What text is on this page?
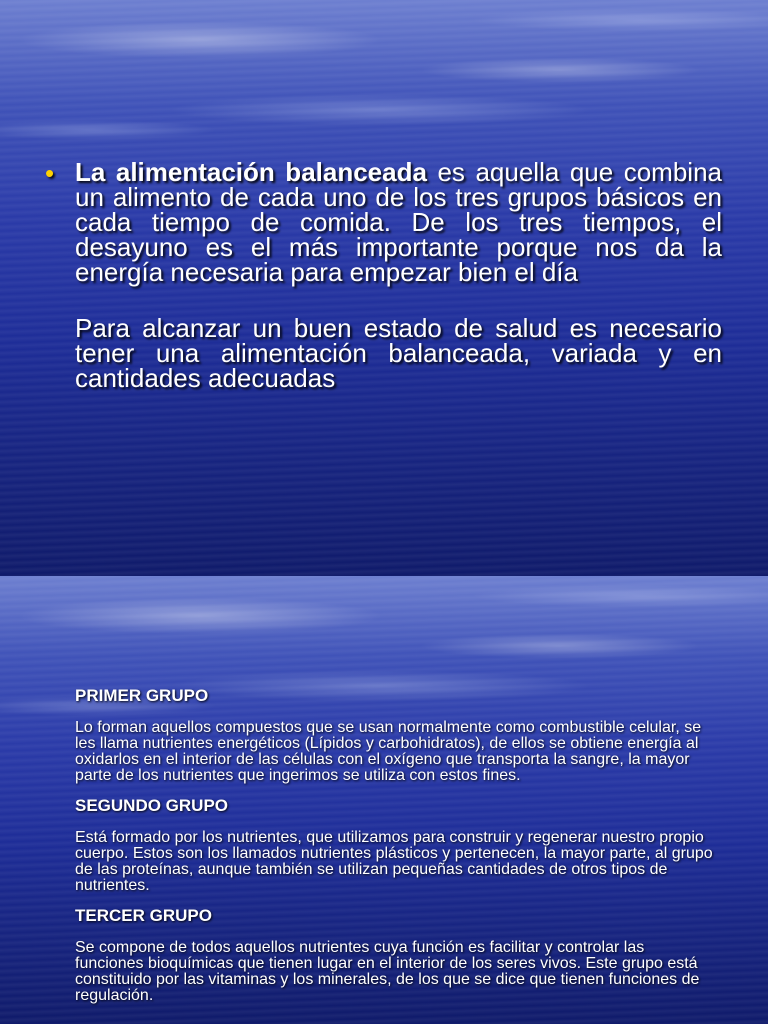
• La alimentación balanceada es aquella que combina un alimento de cada uno de los tres grupos básicos en cada tiempo de comida. De los tres tiempos, el desayuno es el más importante porque nos da la energía necesaria para empezar bien el día

Para alcanzar un buen estado de salud es necesario tener una alimentación balanceada, variada y en cantidades adecuadas

PRIMER GRUPO

Lo forman aquellos compuestos que se usan normalmente como combustible celular, se les llama nutrientes energéticos (Lípidos y carbohidratos), de ellos se obtiene energía al oxidarlos en el interior de las células con el oxígeno que transporta la sangre, la mayor parte de los nutrientes que ingerimos se utiliza con estos fines.

SEGUNDO GRUPO

Está formado por los nutrientes, que utilizamos para construir y regenerar nuestro propio cuerpo. Estos son los llamados nutrientes plásticos y pertenecen, la mayor parte, al grupo de las proteínas, aunque también se utilizan pequeñas cantidades de otros tipos de nutrientes.

TERCER GRUPO

Se compone de todos aquellos nutrientes cuya función es facilitar y controlar las funciones bioquímicas que tienen lugar en el interior de los seres vivos. Este grupo está constituido por las vitaminas y los minerales, de los que se dice que tienen funciones de regulación.
